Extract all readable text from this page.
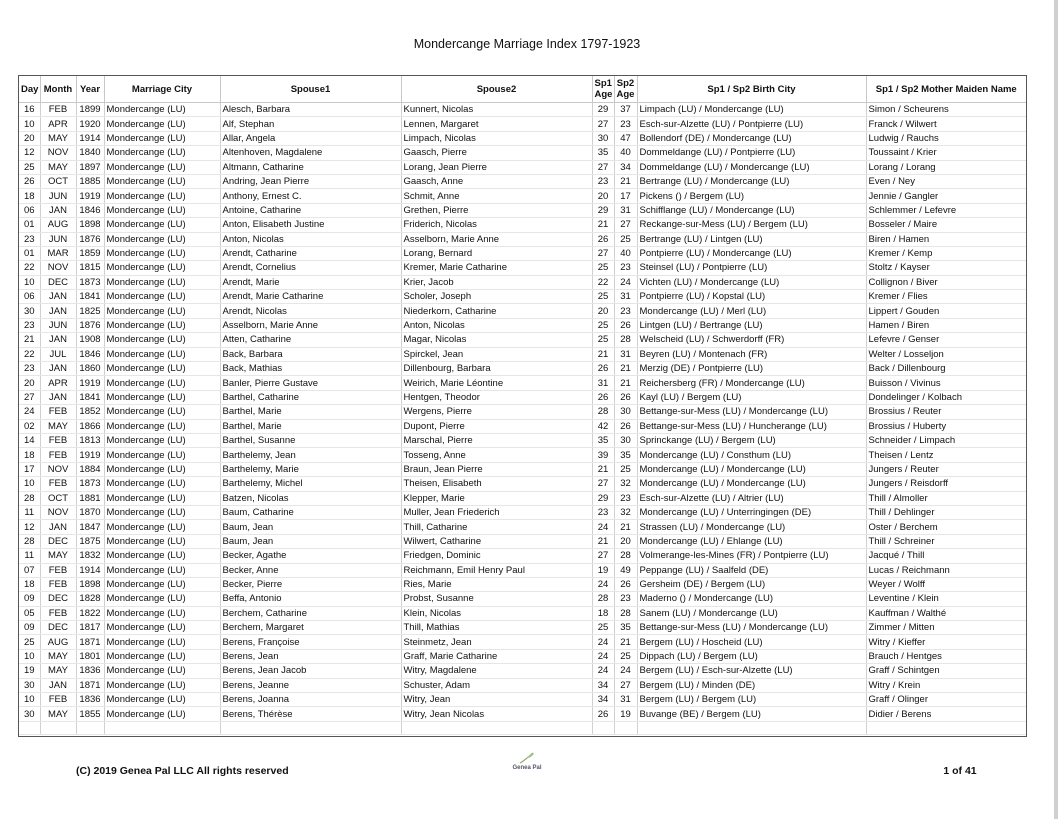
Mondercange Marriage Index 1797-1923
Day	Month	Year	Marriage City	Spouse1	Spouse2	Sp1 Age	Sp2 Age	Sp1 / Sp2 Birth City	Sp1 / Sp2 Mother Maiden Name
16	FEB	1899	Mondercange (LU)	Alesch, Barbara	Kunnert, Nicolas	29	37	Limpach (LU) / Mondercange (LU)	Simon / Scheurens
10	APR	1920	Mondercange (LU)	Alf, Stephan	Lennen, Margaret	27	23	Esch-sur-Alzette (LU) / Pontpierre (LU)	Franck / Wilwert
20	MAY	1914	Mondercange (LU)	Allar, Angela	Limpach, Nicolas	30	47	Bollendorf (DE) / Mondercange (LU)	Ludwig / Rauchs
12	NOV	1840	Mondercange (LU)	Altenhoven, Magdalene	Gaasch, Pierre	35	40	Dommeldange (LU) / Pontpierre (LU)	Toussaint / Krier
25	MAY	1897	Mondercange (LU)	Altmann, Catharine	Lorang, Jean Pierre	27	34	Dommeldange (LU) / Mondercange (LU)	Lorang / Lorang
26	OCT	1885	Mondercange (LU)	Andring, Jean Pierre	Gaasch, Anne	23	21	Bertrange (LU) / Mondercange (LU)	Even / Ney
18	JUN	1919	Mondercange (LU)	Anthony, Ernest C.	Schmit, Anne	20	17	Pickens () / Bergem (LU)	Jennie / Gangler
06	JAN	1846	Mondercange (LU)	Antoine, Catharine	Grethen, Pierre	29	31	Schifflange (LU) / Mondercange (LU)	Schlemmer / Lefevre
01	AUG	1898	Mondercange (LU)	Anton, Elisabeth Justine	Friderich, Nicolas	21	27	Reckange-sur-Mess (LU) / Bergem (LU)	Bosseler / Maire
23	JUN	1876	Mondercange (LU)	Anton, Nicolas	Asselborn, Marie Anne	26	25	Bertrange (LU) / Lintgen (LU)	Biren / Hamen
01	MAR	1859	Mondercange (LU)	Arendt, Catharine	Lorang, Bernard	27	40	Pontpierre (LU) / Mondercange (LU)	Kremer / Kemp
22	NOV	1815	Mondercange (LU)	Arendt, Cornelius	Kremer, Marie Catharine	25	23	Steinsel (LU) / Pontpierre (LU)	Stoltz / Kayser
10	DEC	1873	Mondercange (LU)	Arendt, Marie	Krier, Jacob	22	24	Vichten (LU) / Mondercange (LU)	Collignon / Biver
06	JAN	1841	Mondercange (LU)	Arendt, Marie Catharine	Scholer, Joseph	25	31	Pontpierre (LU) / Kopstal (LU)	Kremer / Flies
30	JAN	1825	Mondercange (LU)	Arendt, Nicolas	Niederkorn, Catharine	20	23	Mondercange (LU) / Merl (LU)	Lippert / Gouden
23	JUN	1876	Mondercange (LU)	Asselborn, Marie Anne	Anton, Nicolas	25	26	Lintgen (LU) / Bertrange (LU)	Hamen / Biren
21	JAN	1908	Mondercange (LU)	Atten, Catharine	Magar, Nicolas	25	28	Welscheid (LU) / Schwerdorff (FR)	Lefevre / Genser
22	JUL	1846	Mondercange (LU)	Back, Barbara	Spirckel, Jean	21	31	Beyren (LU) / Montenach (FR)	Welter / Losseljon
23	JAN	1860	Mondercange (LU)	Back, Mathias	Dillenbourg, Barbara	26	21	Merzig (DE) / Pontpierre (LU)	Back / Dillenbourg
20	APR	1919	Mondercange (LU)	Banler, Pierre Gustave	Weirich, Marie Léontine	31	21	Reichersberg (FR) / Mondercange (LU)	Buisson / Vivinus
27	JAN	1841	Mondercange (LU)	Barthel, Catharine	Hentgen, Theodor	26	26	Kayl (LU) / Bergem (LU)	Dondelinger / Kolbach
24	FEB	1852	Mondercange (LU)	Barthel, Marie	Wergens, Pierre	28	30	Bettange-sur-Mess (LU) / Mondercange (LU)	Brossius / Reuter
02	MAY	1866	Mondercange (LU)	Barthel, Marie	Dupont, Pierre	42	26	Bettange-sur-Mess (LU) / Huncherange (LU)	Brossius / Huberty
14	FEB	1813	Mondercange (LU)	Barthel, Susanne	Marschal, Pierre	35	30	Sprinckange (LU) / Bergem (LU)	Schneider / Limpach
18	FEB	1919	Mondercange (LU)	Barthelemy, Jean	Tosseng, Anne	39	35	Mondercange (LU) / Consthum (LU)	Theisen / Lentz
17	NOV	1884	Mondercange (LU)	Barthelemy, Marie	Braun, Jean Pierre	21	25	Mondercange (LU) / Mondercange (LU)	Jungers / Reuter
10	FEB	1873	Mondercange (LU)	Barthelemy, Michel	Theisen, Elisabeth	27	32	Mondercange (LU) / Mondercange (LU)	Jungers / Reisdorff
28	OCT	1881	Mondercange (LU)	Batzen, Nicolas	Klepper, Marie	29	23	Esch-sur-Alzette (LU) / Altrier (LU)	Thill / Almoller
11	NOV	1870	Mondercange (LU)	Baum, Catharine	Muller, Jean Friederich	23	32	Mondercange (LU) / Unterringingen (DE)	Thill / Dehlinger
12	JAN	1847	Mondercange (LU)	Baum, Jean	Thill, Catharine	24	21	Strassen (LU) / Mondercange (LU)	Oster / Berchem
28	DEC	1875	Mondercange (LU)	Baum, Jean	Wilwert, Catharine	21	20	Mondercange (LU) / Ehlange (LU)	Thill / Schreiner
11	MAY	1832	Mondercange (LU)	Becker, Agathe	Friedgen, Dominic	27	28	Volmerange-les-Mines (FR) / Pontpierre (LU)	Jacqué / Thill
07	FEB	1914	Mondercange (LU)	Becker, Anne	Reichmann, Emil Henry Paul	19	49	Peppange (LU) / Saalfeld (DE)	Lucas / Reichmann
18	FEB	1898	Mondercange (LU)	Becker, Pierre	Ries, Marie	24	26	Gersheim (DE) / Bergem (LU)	Weyer / Wolff
09	DEC	1828	Mondercange (LU)	Beffa, Antonio	Probst, Susanne	28	23	Maderno () / Mondercange (LU)	Leventine / Klein
05	FEB	1822	Mondercange (LU)	Berchem, Catharine	Klein, Nicolas	18	28	Sanem (LU) / Mondercange (LU)	Kauffman / Walthé
09	DEC	1817	Mondercange (LU)	Berchem, Margaret	Thill, Mathias	25	35	Bettange-sur-Mess (LU) / Mondercange (LU)	Zimmer / Mitten
25	AUG	1871	Mondercange (LU)	Berens, Françoise	Steinmetz, Jean	24	21	Bergem (LU) / Hoscheid (LU)	Witry / Kieffer
10	MAY	1801	Mondercange (LU)	Berens, Jean	Graff, Marie Catharine	24	25	Dippach (LU) / Bergem (LU)	Brauch / Hentges
19	MAY	1836	Mondercange (LU)	Berens, Jean Jacob	Witry, Magdalene	24	24	Bergem (LU) / Esch-sur-Alzette (LU)	Graff / Schintgen
30	JAN	1871	Mondercange (LU)	Berens, Jeanne	Schuster, Adam	34	27	Bergem (LU) / Minden (DE)	Witry / Krein
10	FEB	1836	Mondercange (LU)	Berens, Joanna	Witry, Jean	34	31	Bergem (LU) / Bergem (LU)	Graff / Olinger
30	MAY	1855	Mondercange (LU)	Berens, Thérèse	Witry, Jean Nicolas	26	19	Buvange (BE) / Bergem (LU)	Didier / Berens

(C) 2019 Genea Pal LLC All rights reserved	Genea Pal	1 of 41
